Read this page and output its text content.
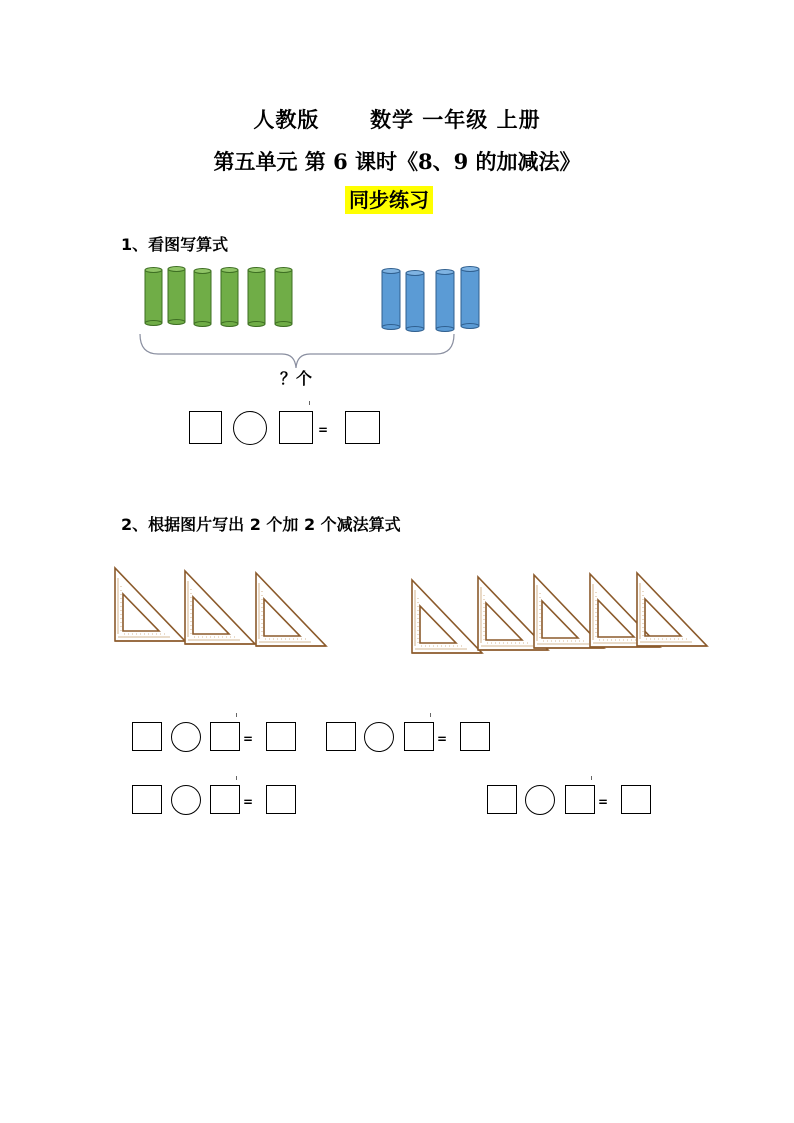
人教版 数学 一年级 上册
第五单元 第 6 课时《8、9 的加减法》
同步练习
1、看图写算式
？个
=
2、根据图片写出 2 个加 2 个减法算式
=	=
=	=
